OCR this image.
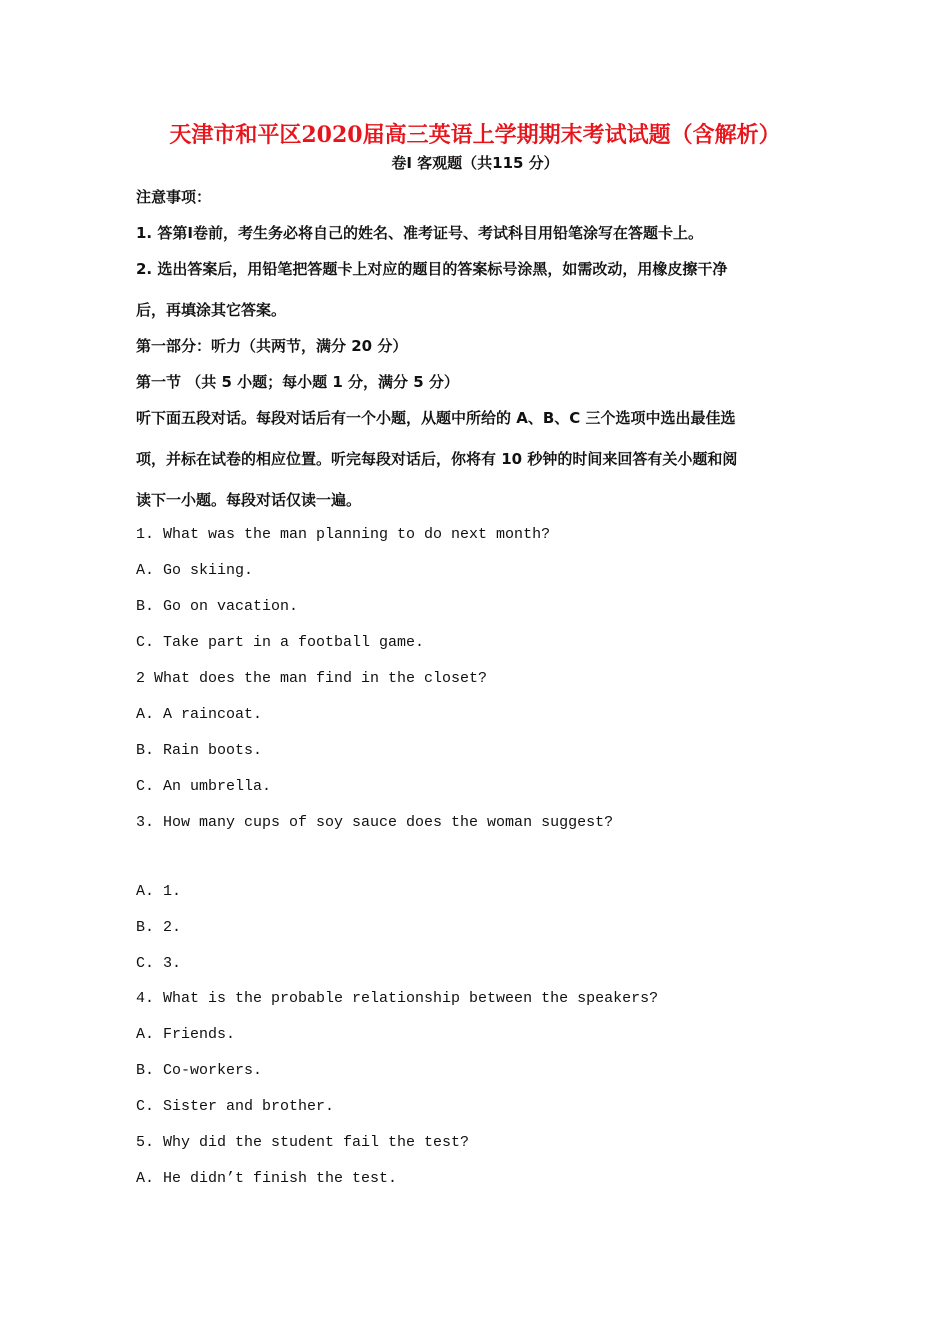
天津市和平区2020届高三英语上学期期末考试试题（含解析）
卷Ⅰ 客观题（共115 分）
注意事项：
1. 答第Ⅰ卷前，考生务必将自己的姓名、准考证号、考试科目用铅笔涂写在答题卡上。
2. 选出答案后，用铅笔把答题卡上对应的题目的答案标号涂黑，如需改动，用橡皮擦干净
后，再填涂其它答案。
第一部分：听力（共两节，满分 20 分）
第一节 （共 5 小题；每小题 1 分，满分 5 分）
听下面五段对话。每段对话后有一个小题，从题中所给的 A、B、C 三个选项中选出最佳选
项，并标在试卷的相应位置。听完每段对话后，你将有 10 秒钟的时间来回答有关小题和阅
读下一小题。每段对话仅读一遍。
1. What was the man planning to do next month?
A. Go skiing.
B. Go on vacation.
C. Take part in a football game.
2 What does the man find in the closet?
A. A raincoat.
B. Rain boots.
C. An umbrella.
3. How many cups of soy sauce does the woman suggest?
A. 1.
B. 2.
C. 3.
4. What is the probable relationship between the speakers?
A. Friends.
B. Co-workers.
C. Sister and brother.
5. Why did the student fail the test?
A. He didn’t finish the test.
